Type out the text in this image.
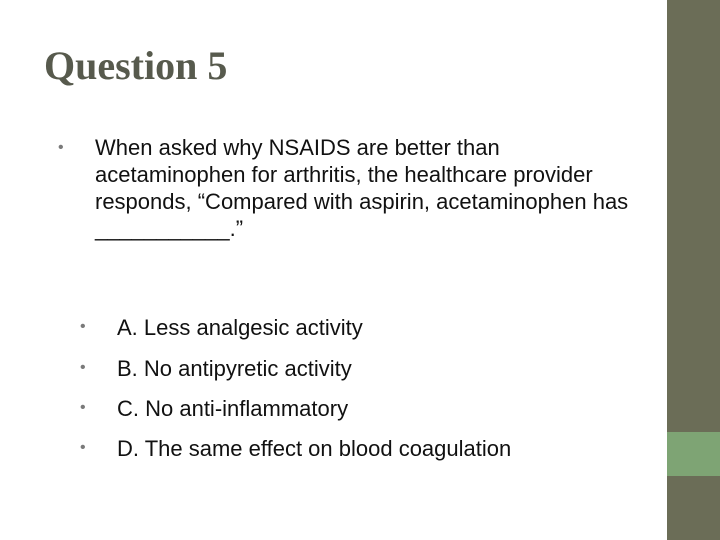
Question 5
• When asked why NSAIDS are better than acetaminophen for arthritis, the healthcare provider responds, “Compared with aspirin, acetaminophen has ___________.”
• A. Less analgesic activity
• B. No antipyretic activity
• C. No anti-inflammatory
• D. The same effect on blood coagulation
